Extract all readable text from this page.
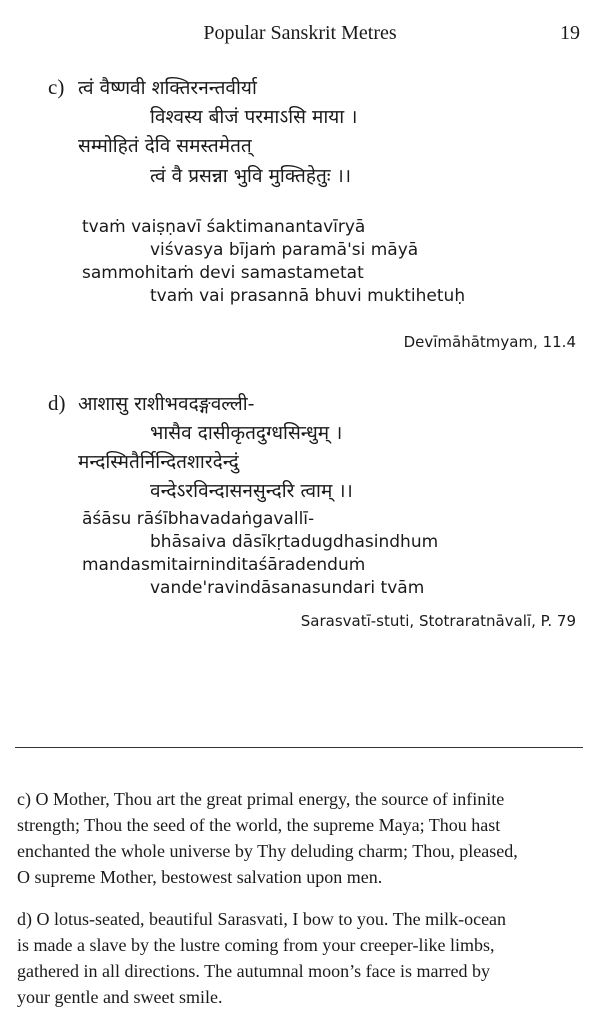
Popular Sanskrit Metres	19
c) त्वं वैष्णवी शक्तिरनन्तवीर्या
विश्वस्य बीजं परमाऽसि माया ।
सम्मोहितं देवि समस्तमेतत्
त्वं वै प्रसन्ना भुवि मुक्तिहेतुः ।।
tvaṁ vaiṣṇavī śaktimanantavīryā
viśvasya bījaṁ paramā'si māyā
sammohitaṁ devi samastametat
tvaṁ vai prasannā bhuvi muktihetuḥ
Devīmāhātmyam, 11.4
d) आशासु राशीभवदङ्गवल्ली-
भासैव दासीकृतदुग्धसिन्धुम् ।
मन्दस्मितैर्निन्दितशारदेन्दुं
वन्देऽरविन्दासनसुन्दरि त्वाम् ।।
āśāsu rāśībhavadaṅgavallī-
bhāsaiva dāsīkṛtadugdhasindhum
mandasmitairninditaśāradenduṁ
vande'ravindāsanasundari tvām
Sarasvatī-stuti, Stotraratnāvalī, P. 79
c) O Mother, Thou art the great primal energy, the source of infinite
strength; Thou the seed of the world, the supreme Maya; Thou hast
enchanted the whole universe by Thy deluding charm; Thou, pleased,
O supreme Mother, bestowest salvation upon men.
d) O lotus-seated, beautiful Sarasvati, I bow to you. The milk-ocean
is made a slave by the lustre coming from your creeper-like limbs,
gathered in all directions. The autumnal moon’s face is marred by
your gentle and sweet smile.
